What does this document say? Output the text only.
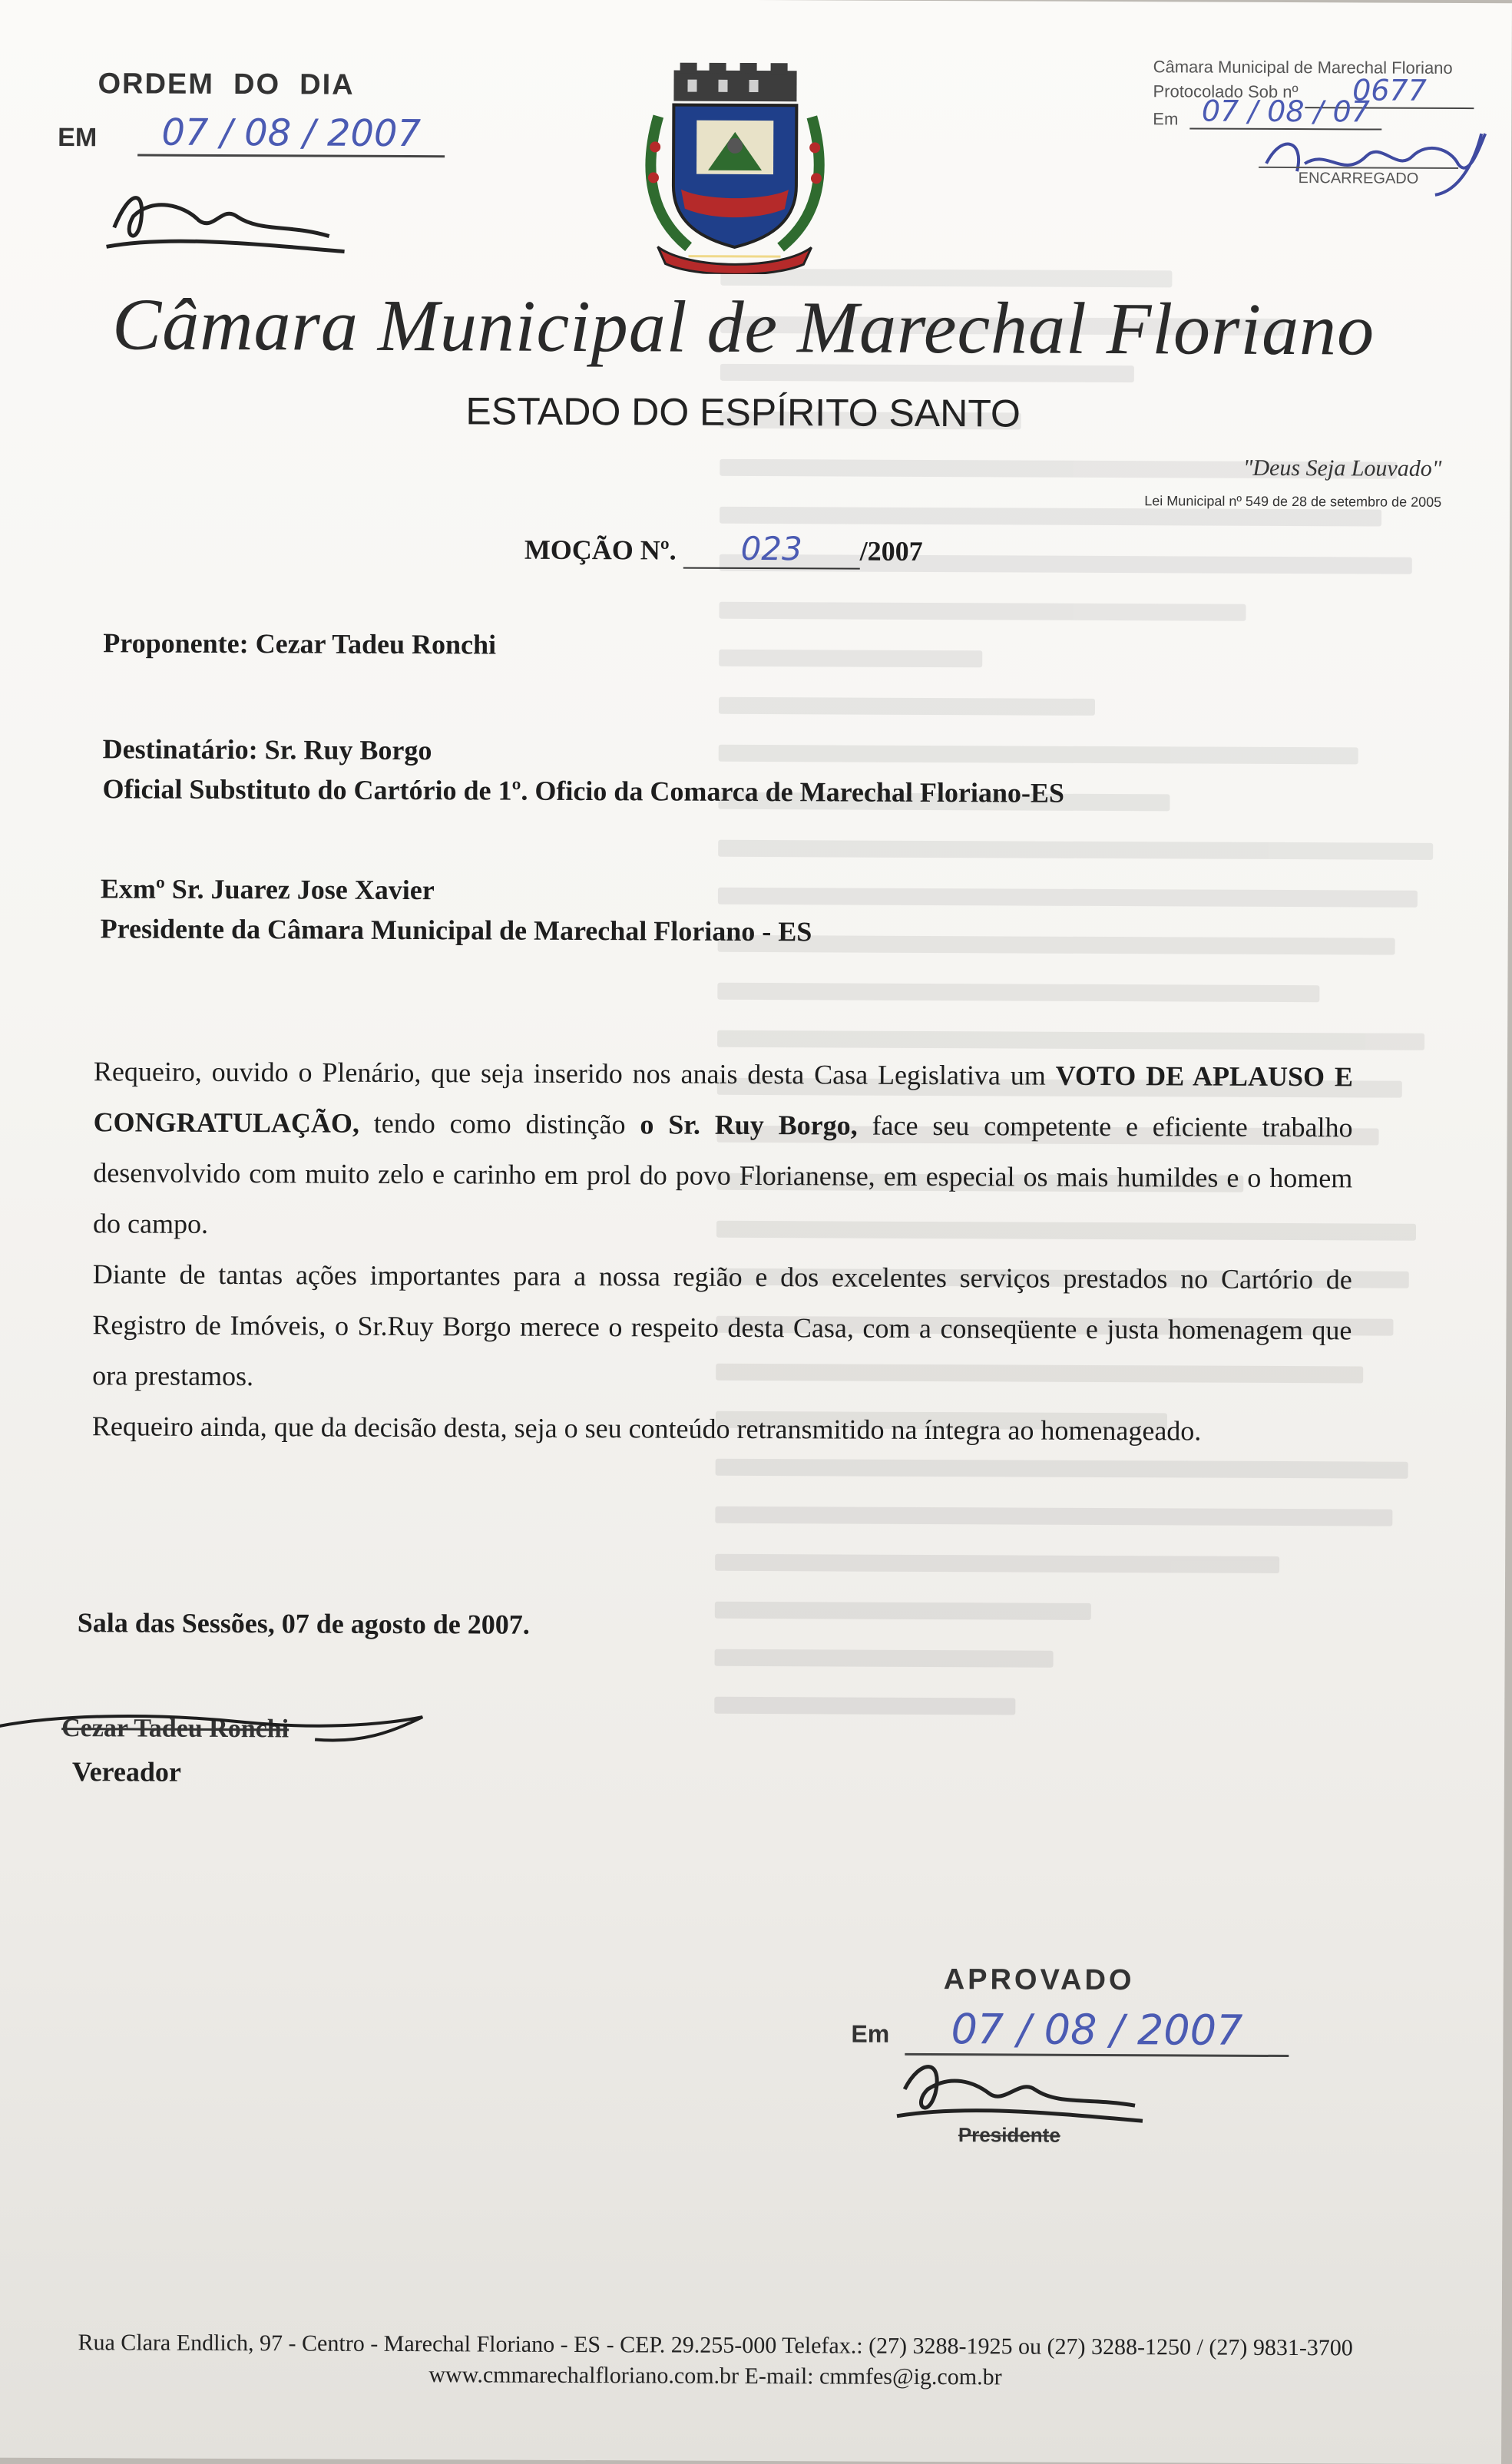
ORDEM  DO  DIA
EM	07 / 08 / 2007
Câmara Municipal de Marechal Floriano
Protocolado Sob nº	0677
Em 07 / 08 / 07
ENCARREGADO
Câmara Municipal de Marechal Floriano
ESTADO DO ESPÍRITO SANTO
"Deus Seja Louvado"
Lei Municipal nº 549 de 28 de setembro de 2005
MOÇÃO Nº. 023 /2007
Proponente: Cezar Tadeu Ronchi
Destinatário: Sr. Ruy Borgo
Oficial Substituto do Cartório de 1º. Oficio da Comarca de Marechal Floriano-ES
Exmº Sr. Juarez Jose Xavier
Presidente da Câmara Municipal de Marechal Floriano - ES

Requeiro, ouvido o Plenário, que seja inserido nos anais desta Casa Legislativa um VOTO DE APLAUSO E CONGRATULAÇÃO, tendo como distinção o Sr. Ruy Borgo, face seu competente e eficiente trabalho desenvolvido com muito zelo e carinho em prol do povo Florianense, em especial os mais humildes e o homem do campo.

Diante de tantas ações importantes para a nossa região e dos excelentes serviços prestados no Cartório de Registro de Imóveis, o Sr.Ruy Borgo merece o respeito desta Casa, com a conseqüente e justa homenagem que ora prestamos.

Requeiro ainda, que da decisão desta, seja o seu conteúdo retransmitido na íntegra ao homenageado.

Sala das Sessões, 07 de agosto de 2007.
Cezar Tadeu Ronchi
Vereador
APROVADO
Em	07 / 08 / 2007
Presidente
Rua Clara Endlich, 97 - Centro - Marechal Floriano - ES - CEP. 29.255-000 Telefax.: (27) 3288-1925 ou (27) 3288-1250 / (27) 9831-3700
www.cmmarechalfloriano.com.br E-mail: cmmfes@ig.com.br
